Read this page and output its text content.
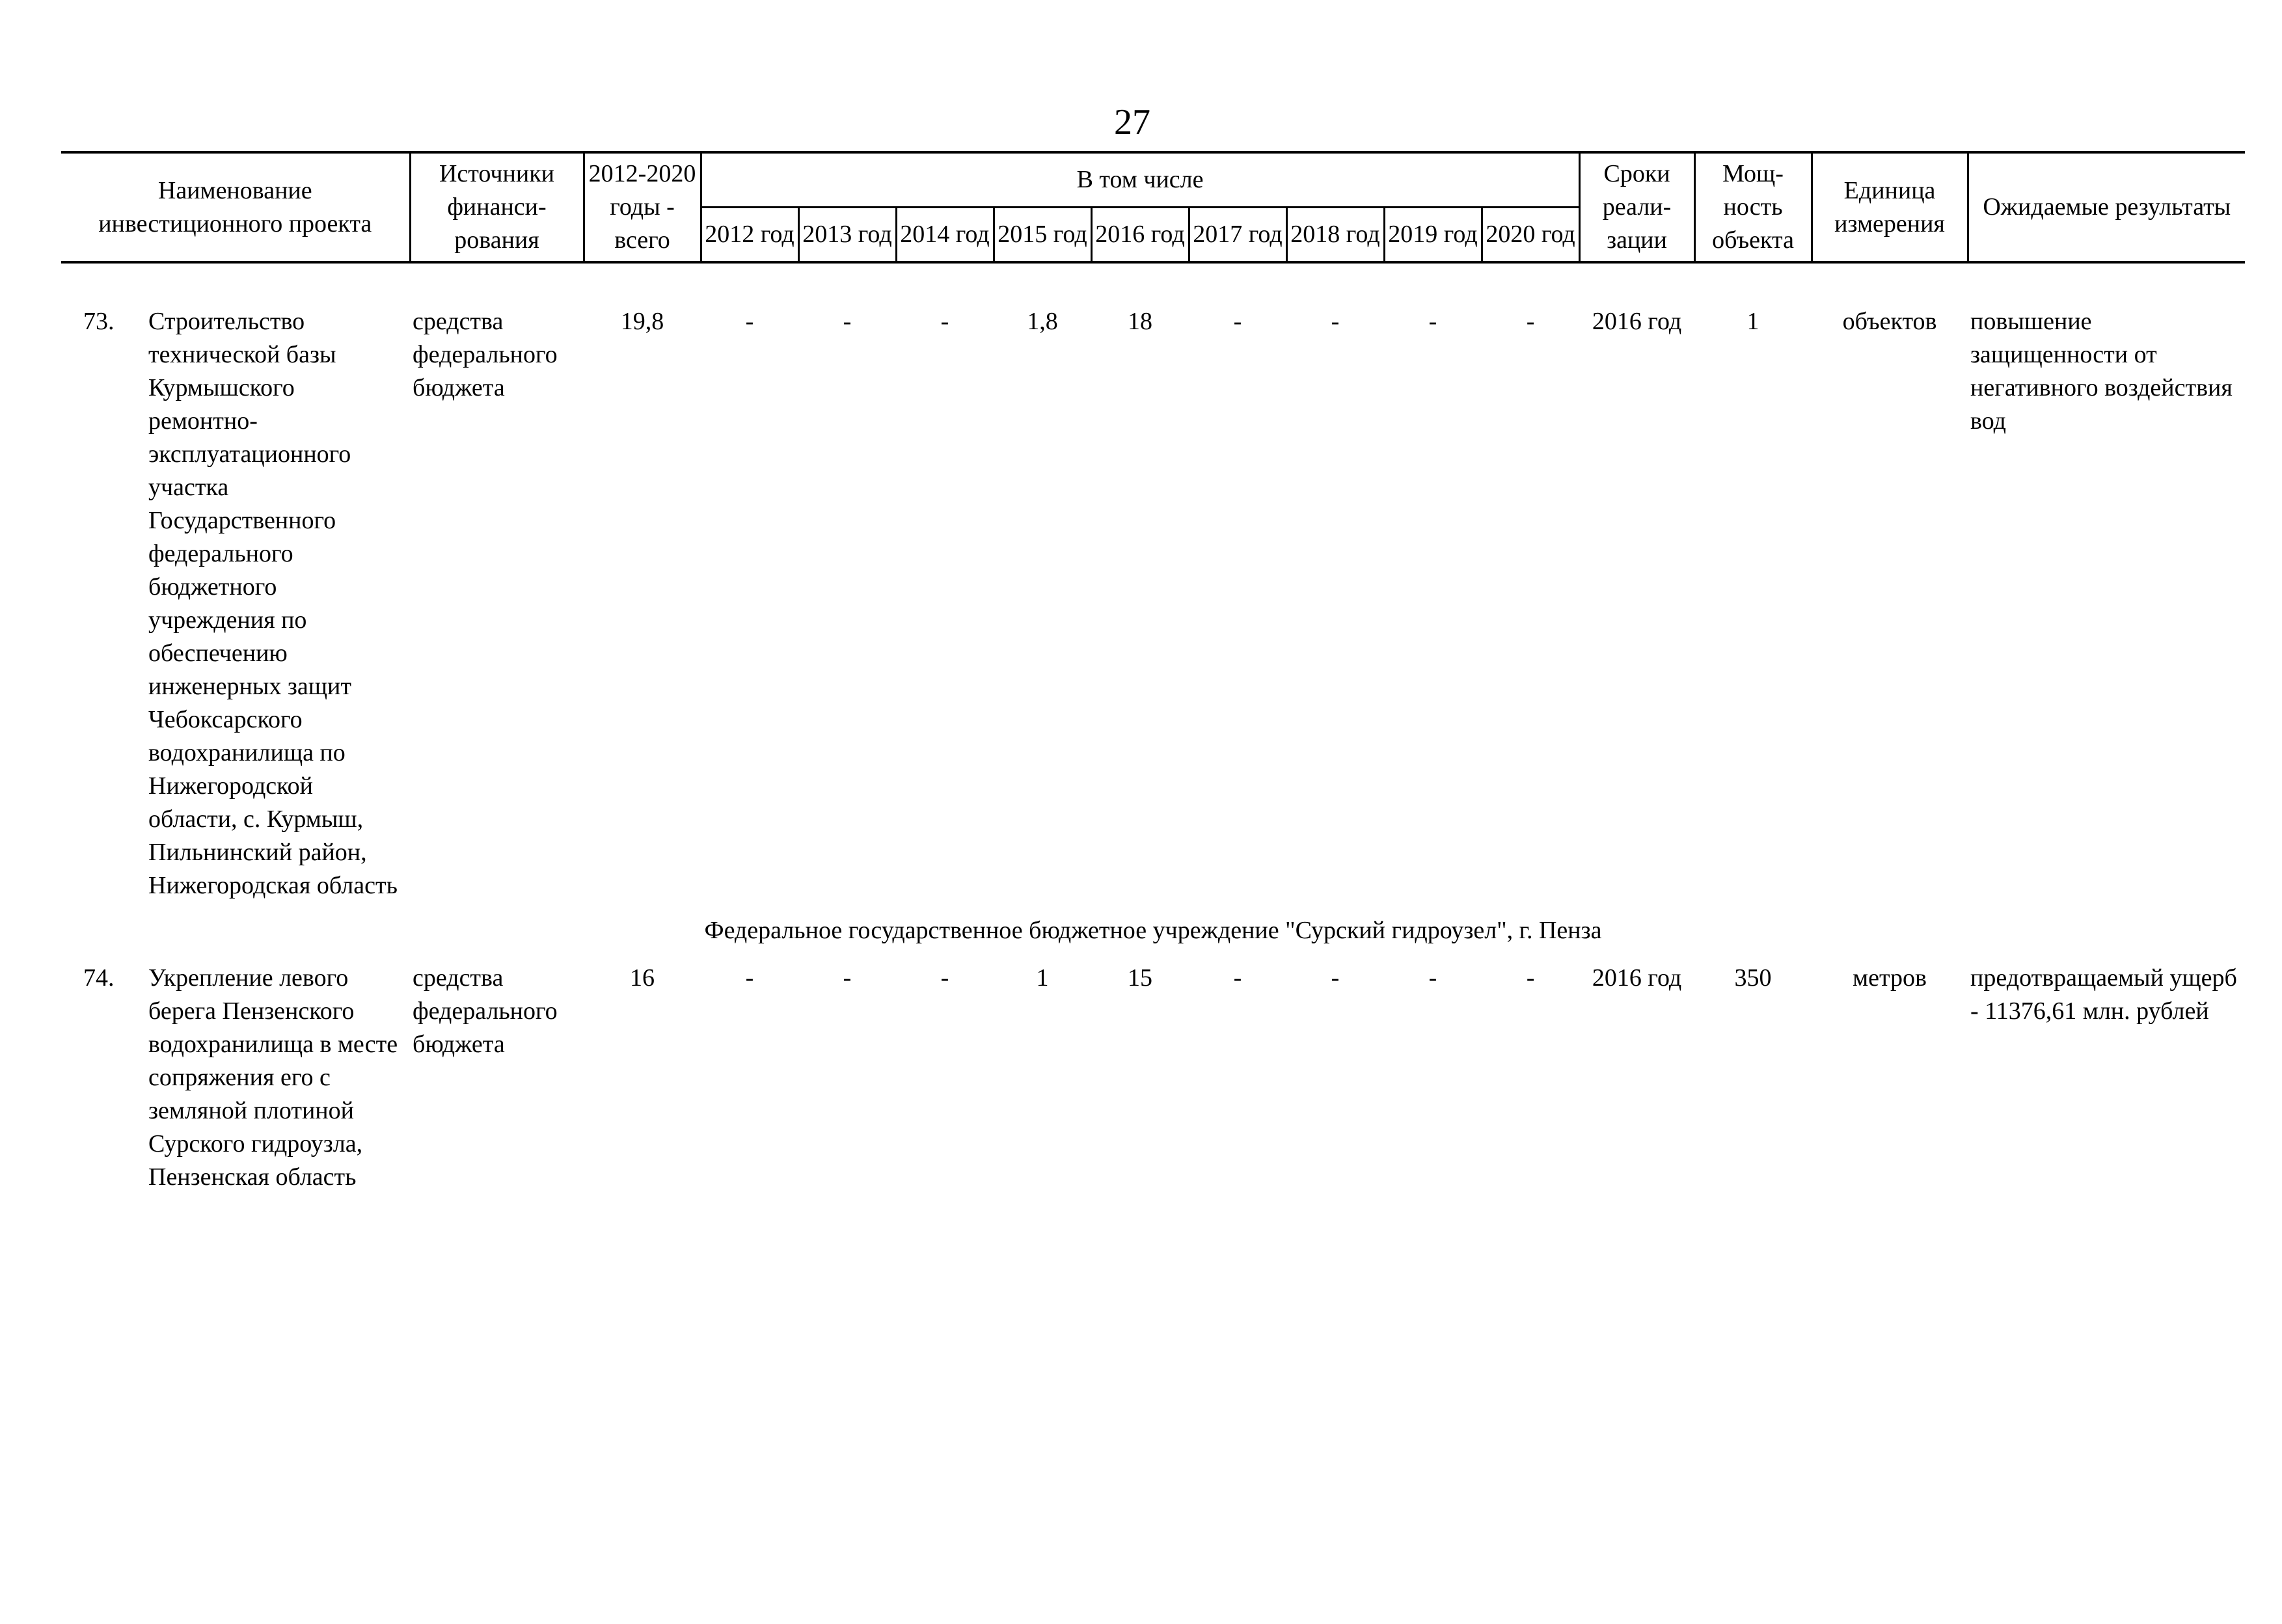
27
Наименование инвестиционного проекта	Источники финанси-рования	2012-2020 годы - всего	В том числе									Сроки реали-зации	Мощ-ность объекта	Единица измерения	Ожидаемые результаты
			2012 год	2013 год	2014 год	2015 год	2016 год	2017 год	2018 год	2019 год	2020 год				

73. Строительство технической базы Курмышского ремонтно-эксплуатационного участка Государственного федерального бюджетного учреждения по обеспечению инженерных защит Чебоксарского водохранилища по Нижегородской области, с. Курмыш, Пильнинский район, Нижегородская область	средства федерального бюджета	19,8	-	-	-	1,8	18	-	-	-	-	2016 год	1	объектов	повышение защищенности от негативного воздействия вод
Федеральное государственное бюджетное учреждение "Сурский гидроузел", г. Пенза															

74. Укрепление левого берега Пензенского водохранилища в месте сопряжения его с земляной плотиной Сурского гидроузла, Пензенская область	средства федерального бюджета	16	-	-	-	1	15	-	-	-	-	2016 год	350	метров	предотвращаемый ущерб - 11376,61 млн. рублей
